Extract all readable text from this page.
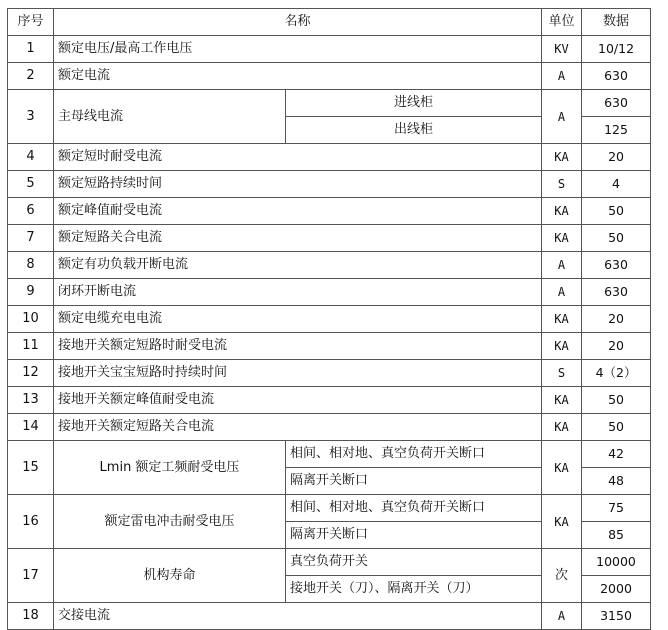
序号	名称		单位	数据
1	额定电压/最高工作电压		KV	10/12
2	额定电流		A	630
3	主母线电流	进线柜	A	630
		出线柜		125
4	额定短时耐受电流		KA	20
5	额定短路持续时间		S	4
6	额定峰值耐受电流		KA	50
7	额定短路关合电流		KA	50
8	额定有功负载开断电流		A	630
9	闭环开断电流		A	630
10	额定电缆充电电流		KA	20
11	接地开关额定短路时耐受电流		KA	20
12	接地开关宝宝短路时持续时间		S	4（2）
13	接地开关额定峰值耐受电流		KA	50
14	接地开关额定短路关合电流		KA	50
15	Lmin 额定工频耐受电压	相间、相对地、真空负荷开关断口	KA	42
		隔离开关断口		48
16	额定雷电冲击耐受电压	相间、相对地、真空负荷开关断口	KA	75
		隔离开关断口		85
17	机构寿命	真空负荷开关	次	10000
		接地开关（刀）、隔离开关（刀）		2000
18	交接电流		A	3150
